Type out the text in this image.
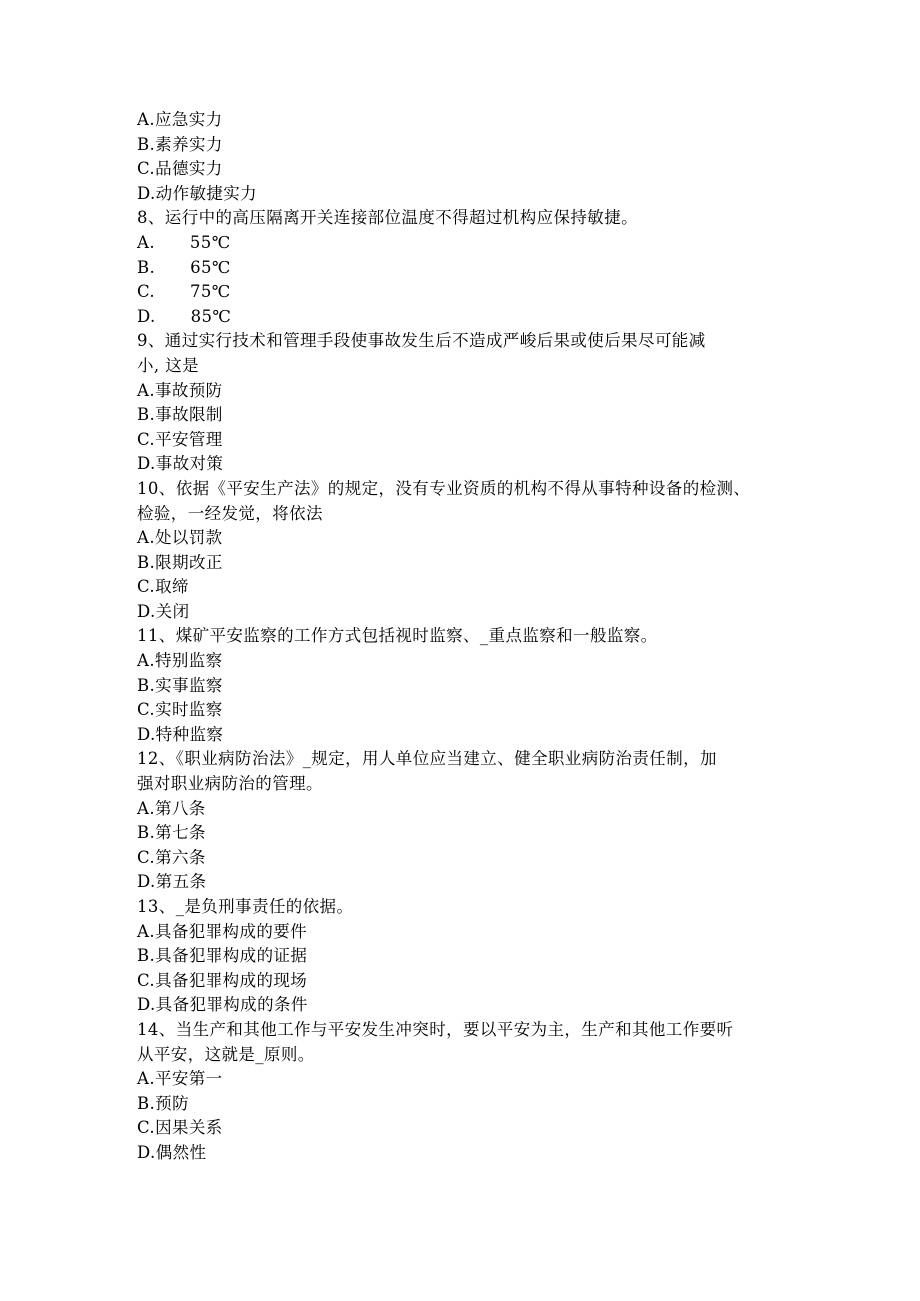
A.应急实力
B.素养实力
C.品德实力
D.动作敏捷实力
8、运行中的高压隔离开关连接部位温度不得超过机构应保持敏捷。
A.   55℃
B.   65℃
C.   75℃
D.   85℃
9、通过实行技术和管理手段使事故发生后不造成严峻后果或使后果尽可能减
小, 这是
A.事故预防
B.事故限制
C.平安管理
D.事故对策
10、依据《平安生产法》的规定，没有专业资质的机构不得从事特种设备的检测、
检验，一经发觉，将依法
A.处以罚款
B.限期改正
C.取缔
D.关闭
11、煤矿平安监察的工作方式包括视时监察、_重点监察和一般监察。
A.特别监察
B.实事监察
C.实时监察
D.特种监察
12、《职业病防治法》_规定，用人单位应当建立、健全职业病防治责任制，加
强对职业病防治的管理。
A.第八条
B.第七条
C.第六条
D.第五条
13、_是负刑事责任的依据。
A.具备犯罪构成的要件
B.具备犯罪构成的证据
C.具备犯罪构成的现场
D.具备犯罪构成的条件
14、当生产和其他工作与平安发生冲突时，要以平安为主，生产和其他工作要听
从平安，这就是_原则。
A.平安第一
B.预防
C.因果关系
D.偶然性
